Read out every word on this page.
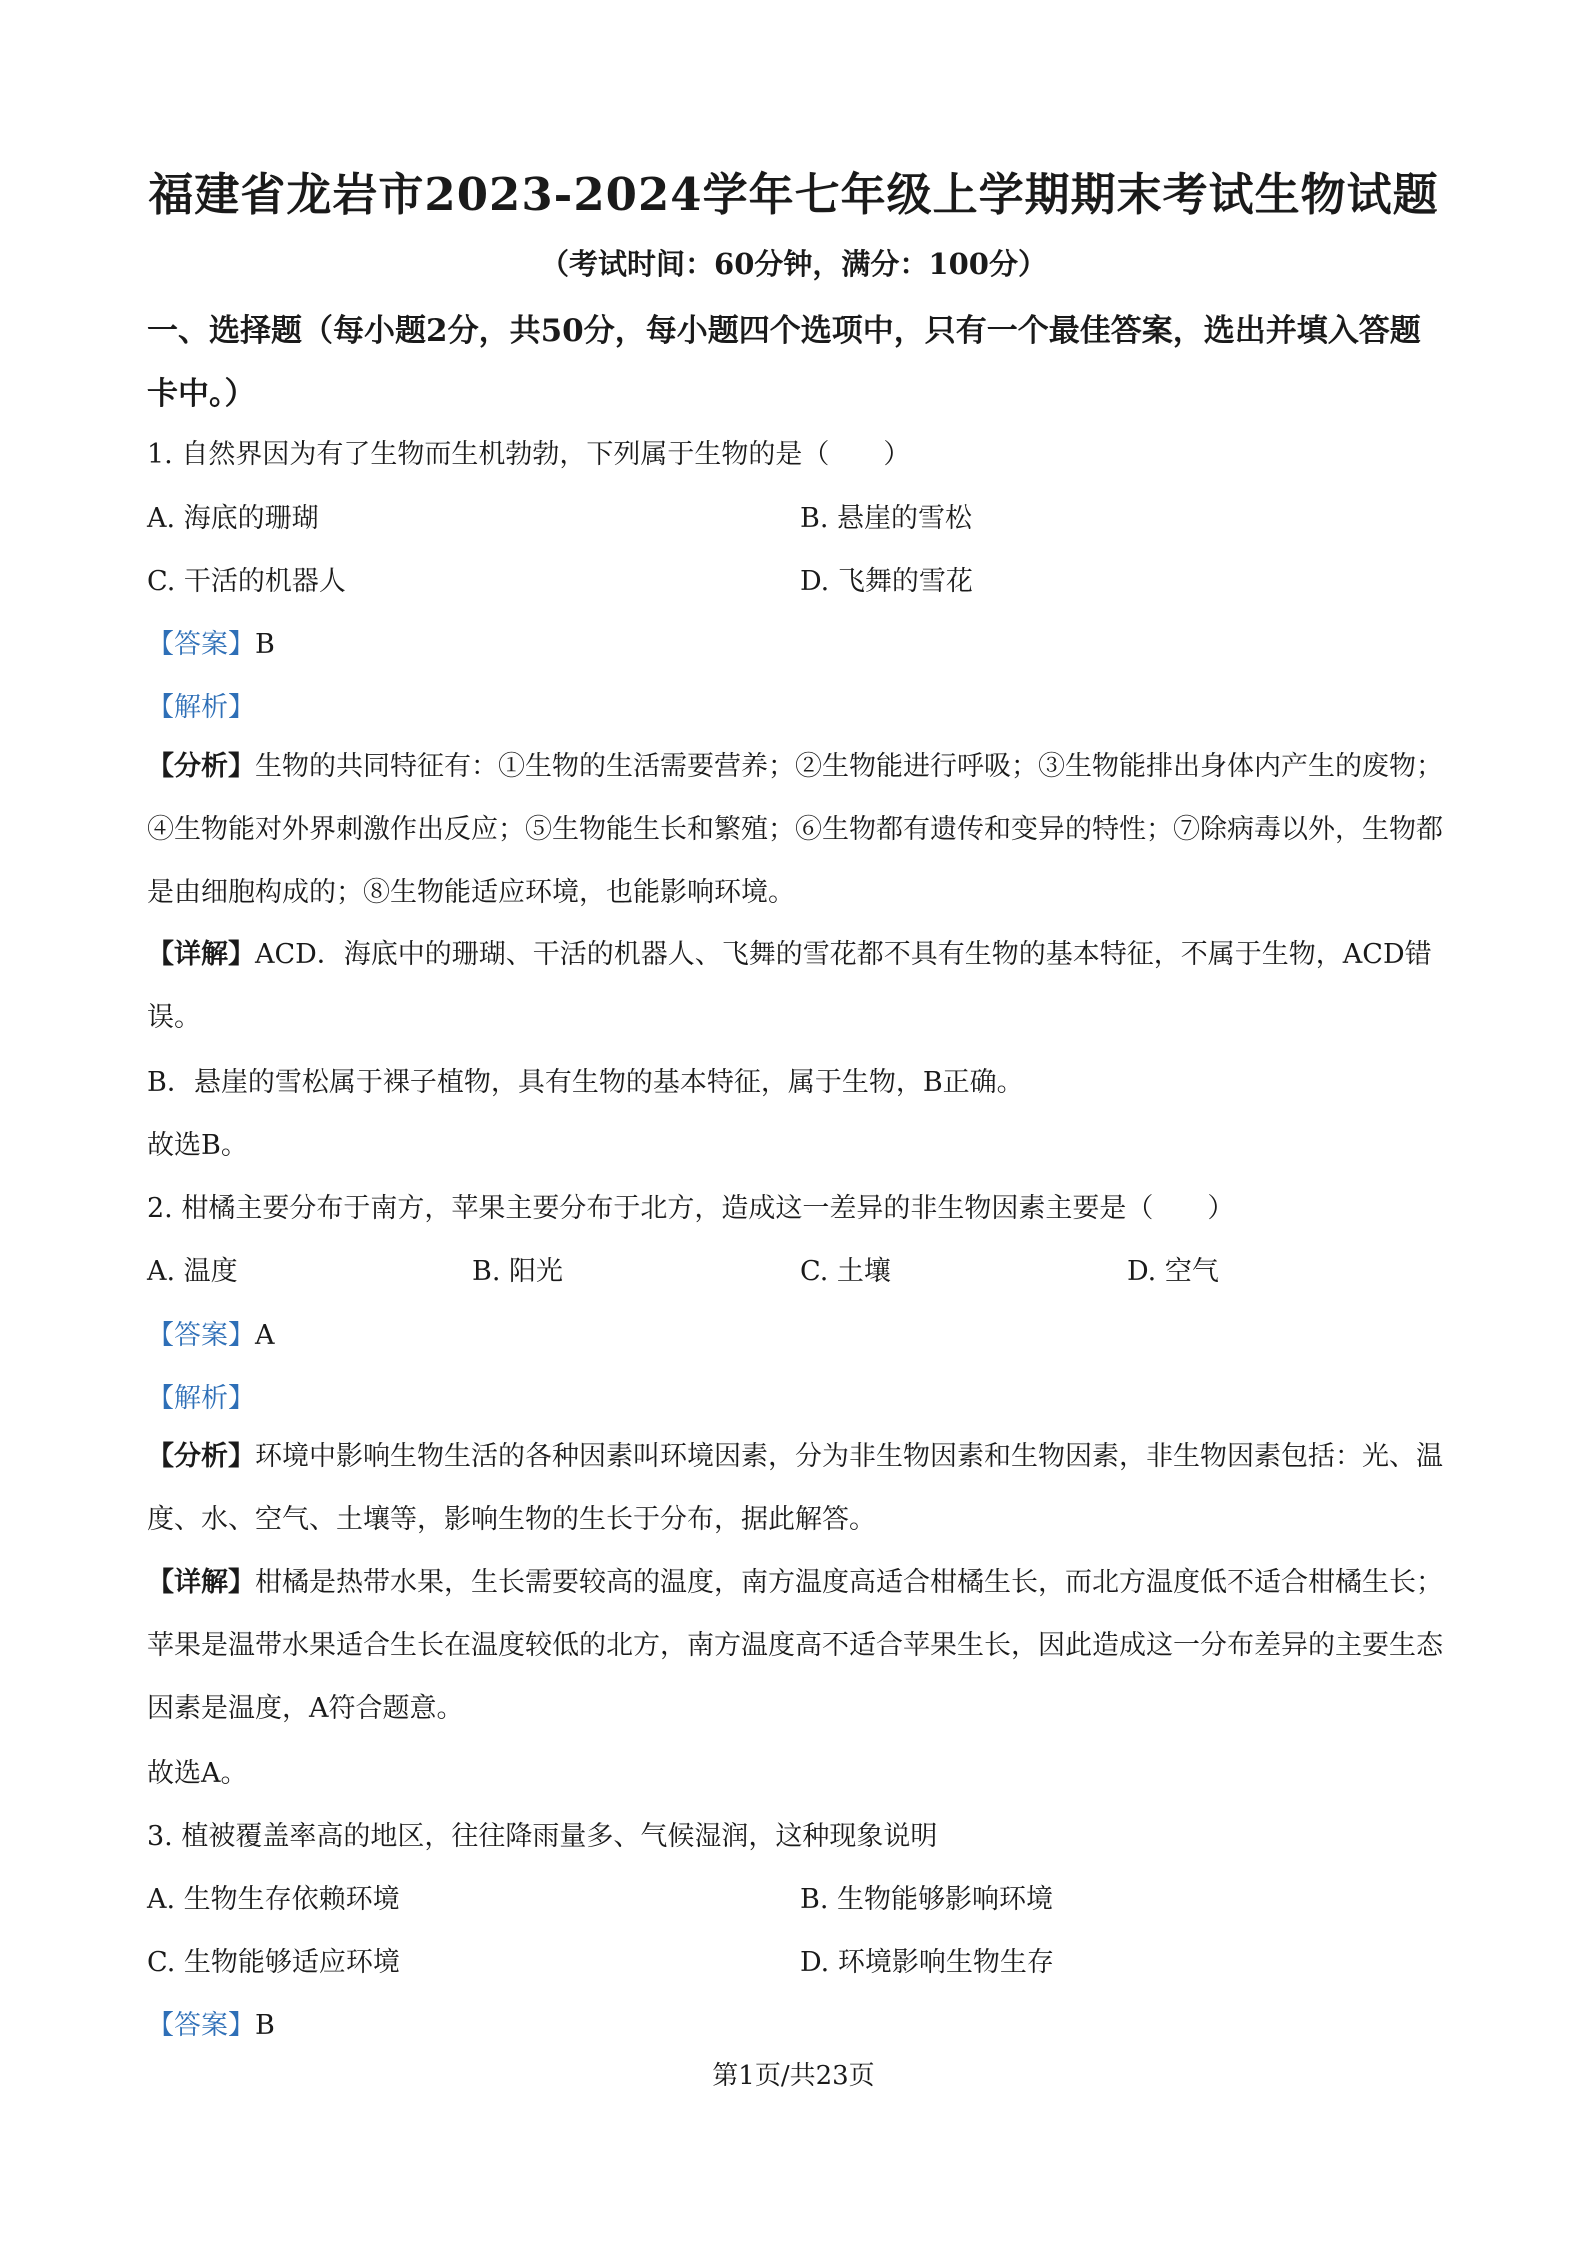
福建省龙岩市2023-2024学年七年级上学期期末考试生物试题
（考试时间：60分钟，满分：100分）
一、选择题（每小题2分，共50分，每小题四个选项中，只有一个最佳答案，选出并填入答题卡中。）
1. 自然界因为有了生物而生机勃勃，下列属于生物的是（　　）
A. 海底的珊瑚	B. 悬崖的雪松
C. 干活的机器人	D. 飞舞的雪花
【答案】B
【解析】
【分析】生物的共同特征有：①生物的生活需要营养；②生物能进行呼吸；③生物能排出身体内产生的废物；④生物能对外界刺激作出反应；⑤生物能生长和繁殖；⑥生物都有遗传和变异的特性；⑦除病毒以外，生物都是由细胞构成的；⑧生物能适应环境，也能影响环境。
【详解】ACD．海底中的珊瑚、干活的机器人、飞舞的雪花都不具有生物的基本特征，不属于生物，ACD错误。
B．悬崖的雪松属于裸子植物，具有生物的基本特征，属于生物，B正确。
故选B。
2. 柑橘主要分布于南方，苹果主要分布于北方，造成这一差异的非生物因素主要是（　　）
A. 温度	B. 阳光	C. 土壤	D. 空气
【答案】A
【解析】
【分析】环境中影响生物生活的各种因素叫环境因素，分为非生物因素和生物因素，非生物因素包括：光、温度、水、空气、土壤等，影响生物的生长于分布，据此解答。
【详解】柑橘是热带水果，生长需要较高的温度，南方温度高适合柑橘生长，而北方温度低不适合柑橘生长；苹果是温带水果适合生长在温度较低的北方，南方温度高不适合苹果生长，因此造成这一分布差异的主要生态因素是温度，A符合题意。
故选A。
3. 植被覆盖率高的地区，往往降雨量多、气候湿润，这种现象说明
A. 生物生存依赖环境	B. 生物能够影响环境
C. 生物能够适应环境	D. 环境影响生物生存
【答案】B
第1页/共23页
